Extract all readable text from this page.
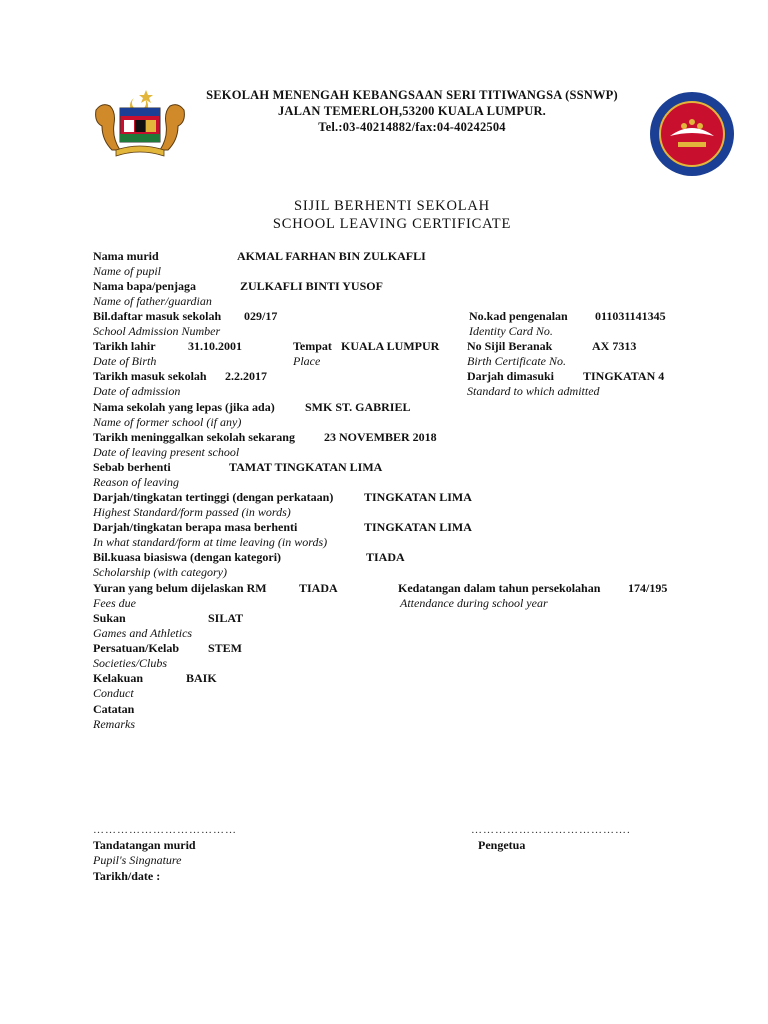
SEKOLAH MENENGAH KEBANGSAAN SERI TITIWANGSA (SSNWP)
JALAN TEMERLOH,53200 KUALA LUMPUR.
Tel.:03-40214882/fax:04-40242504
SIJIL BERHENTI SEKOLAH
SCHOOL LEAVING CERTIFICATE
Nama murid	AKMAL FARHAN BIN ZULKAFLI
Name of pupil
Nama bapa/penjaga	ZULKAFLI BINTI YUSOF
Name of father/guardian
Bil.daftar masuk sekolah 029/17
School Admission Number
No.kad pengenalan 011031141345
Identity Card No.
Tarikh lahir	31.10.2001
Date of Birth
Tempat KUALA LUMPUR
Place
No Sijil Beranak	AX 7313
Birth Certificate No.
Tarikh masuk sekolah 2.2.2017
Date of admission
Darjah dimasuki TINGKATAN 4
Standard to which admitted
Nama sekolah yang lepas (jika ada)	SMK ST. GABRIEL
Name of former school (if any)
Tarikh meninggalkan sekolah sekarang 23 NOVEMBER 2018
Date of leaving present school
Sebab berhenti	TAMAT TINGKATAN LIMA
Reason of leaving
Darjah/tingkatan tertinggi (dengan perkataan)	TINGKATAN LIMA
Highest Standard/form passed (in words)
Darjah/tingkatan berapa masa berhenti	TINGKATAN LIMA
In what standard/form at time leaving (in words)
Bil.kuasa biasiswa (dengan kategori)	TIADA
Scholarship (with category)
Yuran yang belum dijelaskan RM	TIADA
Fees due
Kedatangan dalam tahun persekolahan 174/195
Attendance during school year
Sukan	SILAT
Games and Athletics
Persatuan/Kelab STEM
Societies/Clubs
Kelakuan	BAIK
Conduct
Catatan
Remarks
………………………………	………………………………….
Tandatangan murid
Pupil's Singnature
Pengetua
Tarikh/date :
